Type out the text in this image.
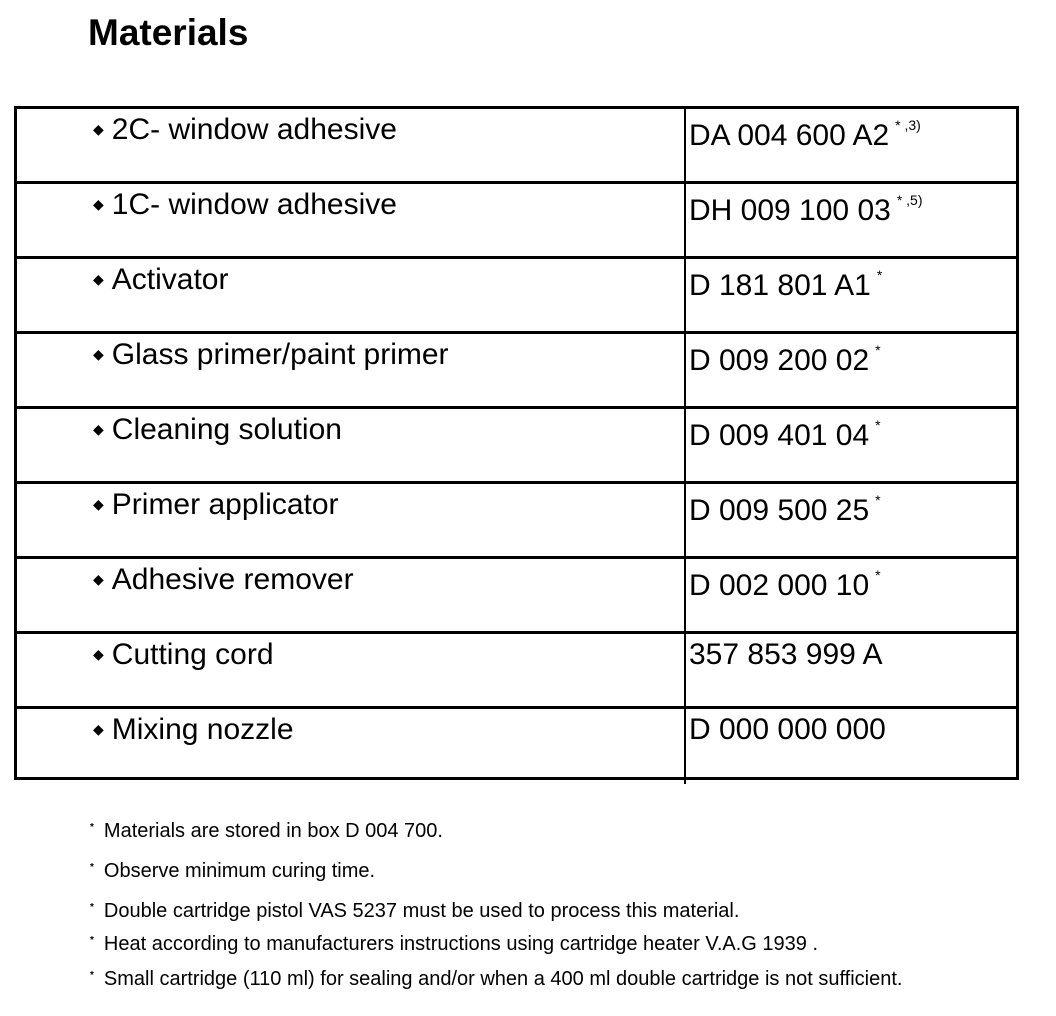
Materials
◆ 2C- window adhesive	DA 004 600 A2 $^{* ,3)}$
◆ 1C- window adhesive	DH 009 100 03 $^{* ,5)}$
◆ Activator	D 181 801 A1 *
◆ Glass primer/paint primer	D 009 200 02 *
◆ Cleaning solution	D 009 401 04 *
◆ Primer applicator	D 009 500 25 *
◆ Adhesive remover	D 002 000 10 *
◆ Cutting cord	357 853 999 A
◆ Mixing nozzle	D 000 000 000
* Materials are stored in box D 004 700.
* Observe minimum curing time.
* Double cartridge pistol VAS 5237 must be used to process this material.
* Heat according to manufacturers instructions using cartridge heater V.A.G 1939 .
* Small cartridge (110 ml) for sealing and/or when a 400 ml double cartridge is not sufficient.
